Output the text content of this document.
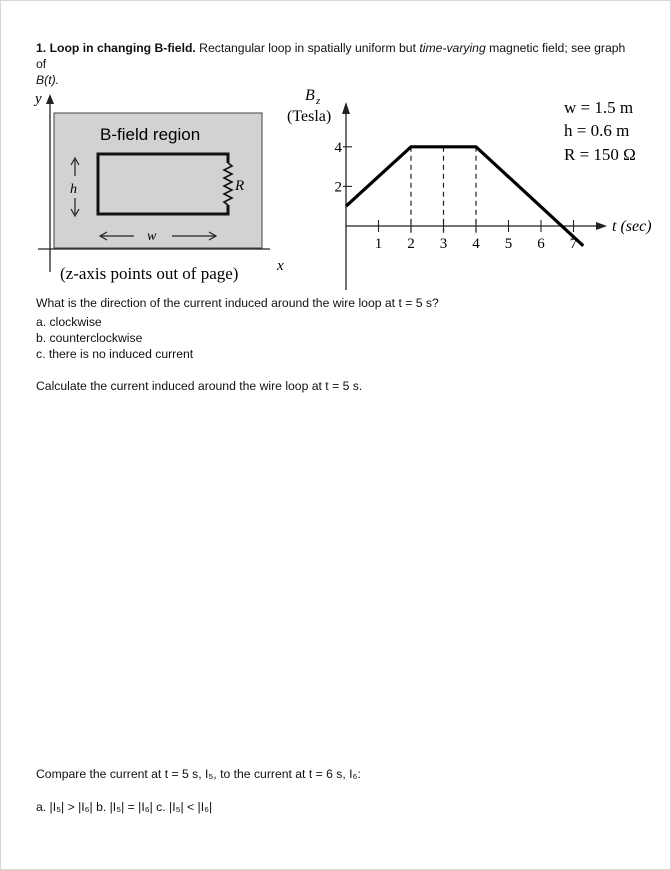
1. Loop in changing B-field. Rectangular loop in spatially uniform but time-varying magnetic field; see graph of
B(t).
y
x
B-field region
R
h
w
(z-axis points out of page)
B z
(Tesla)
t (sec)
1 2 3 4 5 6 7
2
4
w = 1.5 m
h = 0.6 m
R = 150 Ω
What is the direction of the current induced around the wire loop at t = 5 s?
a. clockwise
b. counterclockwise
c. there is no induced current
Calculate the current induced around the wire loop at t = 5 s.
Compare the current at t = 5 s, I₅, to the current at t = 6 s, I₆:
a. |I₅| > |I₆| b. |I₅| = |I₆| c. |I₅| < |I₆|
